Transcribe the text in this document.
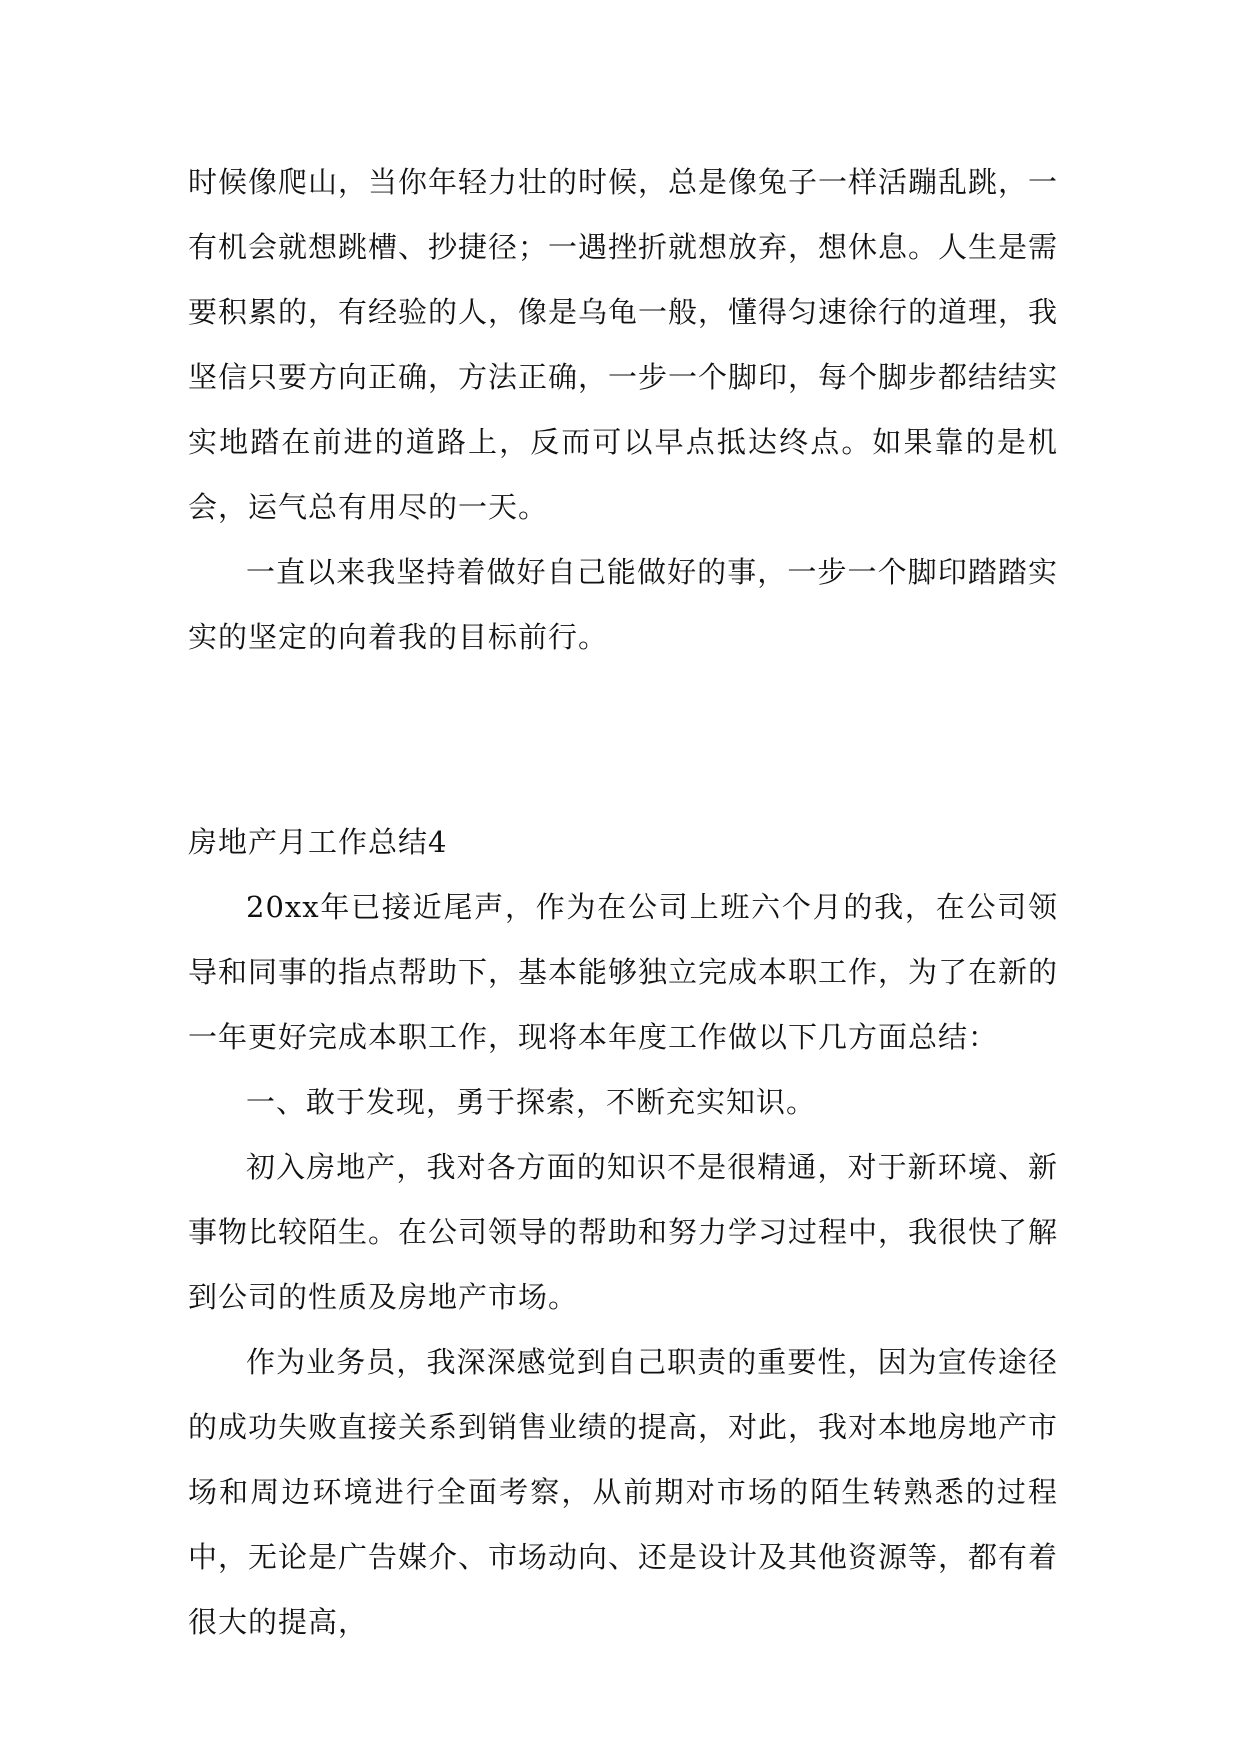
时候像爬山，当你年轻力壮的时候，总是像兔子一样活蹦乱跳，一有机会就想跳槽、抄捷径；一遇挫折就想放弃，想休息。人生是需要积累的，有经验的人，像是乌龟一般，懂得匀速徐行的道理，我坚信只要方向正确，方法正确，一步一个脚印，每个脚步都结结实实地踏在前进的道路上，反而可以早点抵达终点。如果靠的是机会，运气总有用尽的一天。

一直以来我坚持着做好自己能做好的事，一步一个脚印踏踏实实的坚定的向着我的目标前行。

房地产月工作总结4

20xx年已接近尾声，作为在公司上班六个月的我，在公司领导和同事的指点帮助下，基本能够独立完成本职工作，为了在新的一年更好完成本职工作，现将本年度工作做以下几方面总结：

一、敢于发现，勇于探索，不断充实知识。

初入房地产，我对各方面的知识不是很精通，对于新环境、新事物比较陌生。在公司领导的帮助和努力学习过程中，我很快了解到公司的性质及房地产市场。

作为业务员，我深深感觉到自己职责的重要性，因为宣传途径的成功失败直接关系到销售业绩的提高，对此，我对本地房地产市场和周边环境进行全面考察，从前期对市场的陌生转熟悉的过程中，无论是广告媒介、市场动向、还是设计及其他资源等，都有着很大的提高，
